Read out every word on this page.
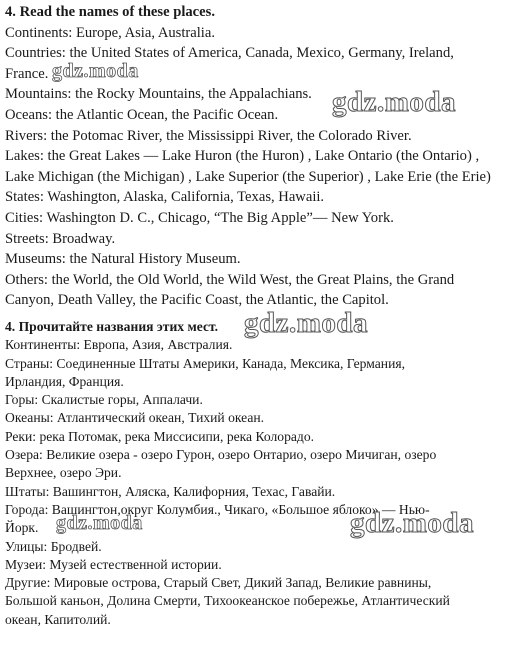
4. Read the names of these places.
Continents: Europe, Asia, Australia.
Countries: the United States of America, Canada, Mexico, Germany, Ireland,
France.
Mountains: the Rocky Mountains, the Appalachians.
Oceans: the Atlantic Ocean, the Pacific Ocean.
Rivers: the Potomac River, the Mississippi River, the Colorado River.
Lakes: the Great Lakes — Lake Huron (the Huron) , Lake Ontario (the Ontario) ,
Lake Michigan (the Michigan) , Lake Superior (the Superior) , Lake Erie (the Erie)
States: Washington, Alaska, California, Texas, Hawaii.
Cities: Washington D. C., Chicago, “The Big Apple”— New York.
Streets: Broadway.
Museums: the Natural History Museum.
Others: the World, the Old World, the Wild West, the Great Plains, the Grand
Canyon, Death Valley, the Pacific Coast, the Atlantic, the Capitol.
4. Прочитайте названия этих мест.
Континенты: Европа, Азия, Австралия.
Страны: Соединенные Штаты Америки, Канада, Мексика, Германия,
Ирландия, Франция.
Горы: Скалистые горы, Аппалачи.
Океаны: Атлантический океан, Тихий океан.
Реки: река Потомак, река Миссисипи, река Колорадо.
Озера: Великие озера - озеро Гурон, озеро Онтарио, озеро Мичиган, озеро
Верхнее, озеро Эри.
Штаты: Вашингтон, Аляска, Калифорния, Техас, Гавайи.
Города: Вашингтон,округ Колумбия., Чикаго, «Большое яблоко» — Нью-
Йорк.
Улицы: Бродвей.
Музеи: Музей естественной истории.
Другие: Мировые острова, Старый Свет, Дикий Запад, Великие равнины,
Большой каньон, Долина Смерти, Тихоокеанское побережье, Атлантический
океан, Капитолий.
gdz.moda
gdz.moda
gdz.moda
gdz.moda	gdz.moda
